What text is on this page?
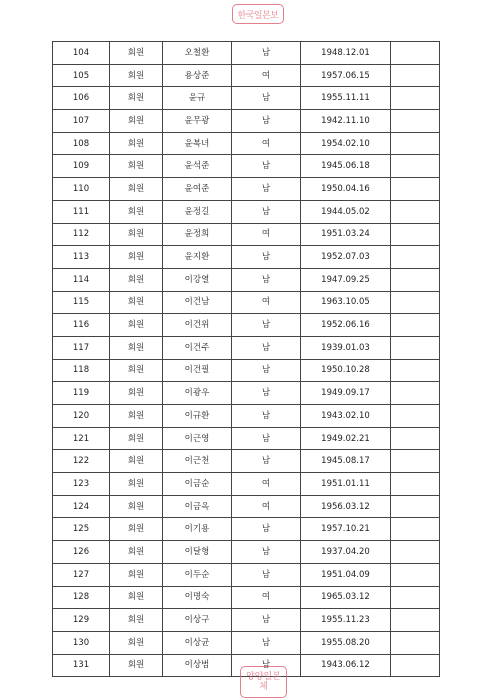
한국일본보
104	회원	오철환	남	1948.12.01	
105	회원	용상준	여	1957.06.15	
106	회원	윤규	남	1955.11.11	
107	회원	윤무광	남	1942.11.10	
108	회원	윤복녀	여	1954.02.10	
109	회원	윤석준	남	1945.06.18	
110	회원	윤여준	남	1950.04.16	
111	회원	윤정길	남	1944.05.02	
112	회원	윤정희	여	1951.03.24	
113	회원	윤지환	남	1952.07.03	
114	회원	이강열	남	1947.09.25	
115	회원	이건남	여	1963.10.05	
116	회원	이건위	남	1952.06.16	
117	회원	이건주	남	1939.01.03	
118	회원	이건필	남	1950.10.28	
119	회원	이광우	남	1949.09.17	
120	회원	이규환	남	1943.02.10	
121	회원	이근영	남	1949.02.21	
122	회원	이근천	남	1945.08.17	
123	회원	이금순	여	1951.01.11	
124	회원	이금옥	여	1956.03.12	
125	회원	이기용	남	1957.10.21	
126	회원	이달형	남	1937.04.20	
127	회원	이두순	남	1951.04.09	
128	회원	이명숙	여	1965.03.12	
129	회원	이상구	남	1955.11.23	
130	회원	이상균	남	1955.08.20	
131	회원	이상범	남	1943.06.12	
양양일본체
